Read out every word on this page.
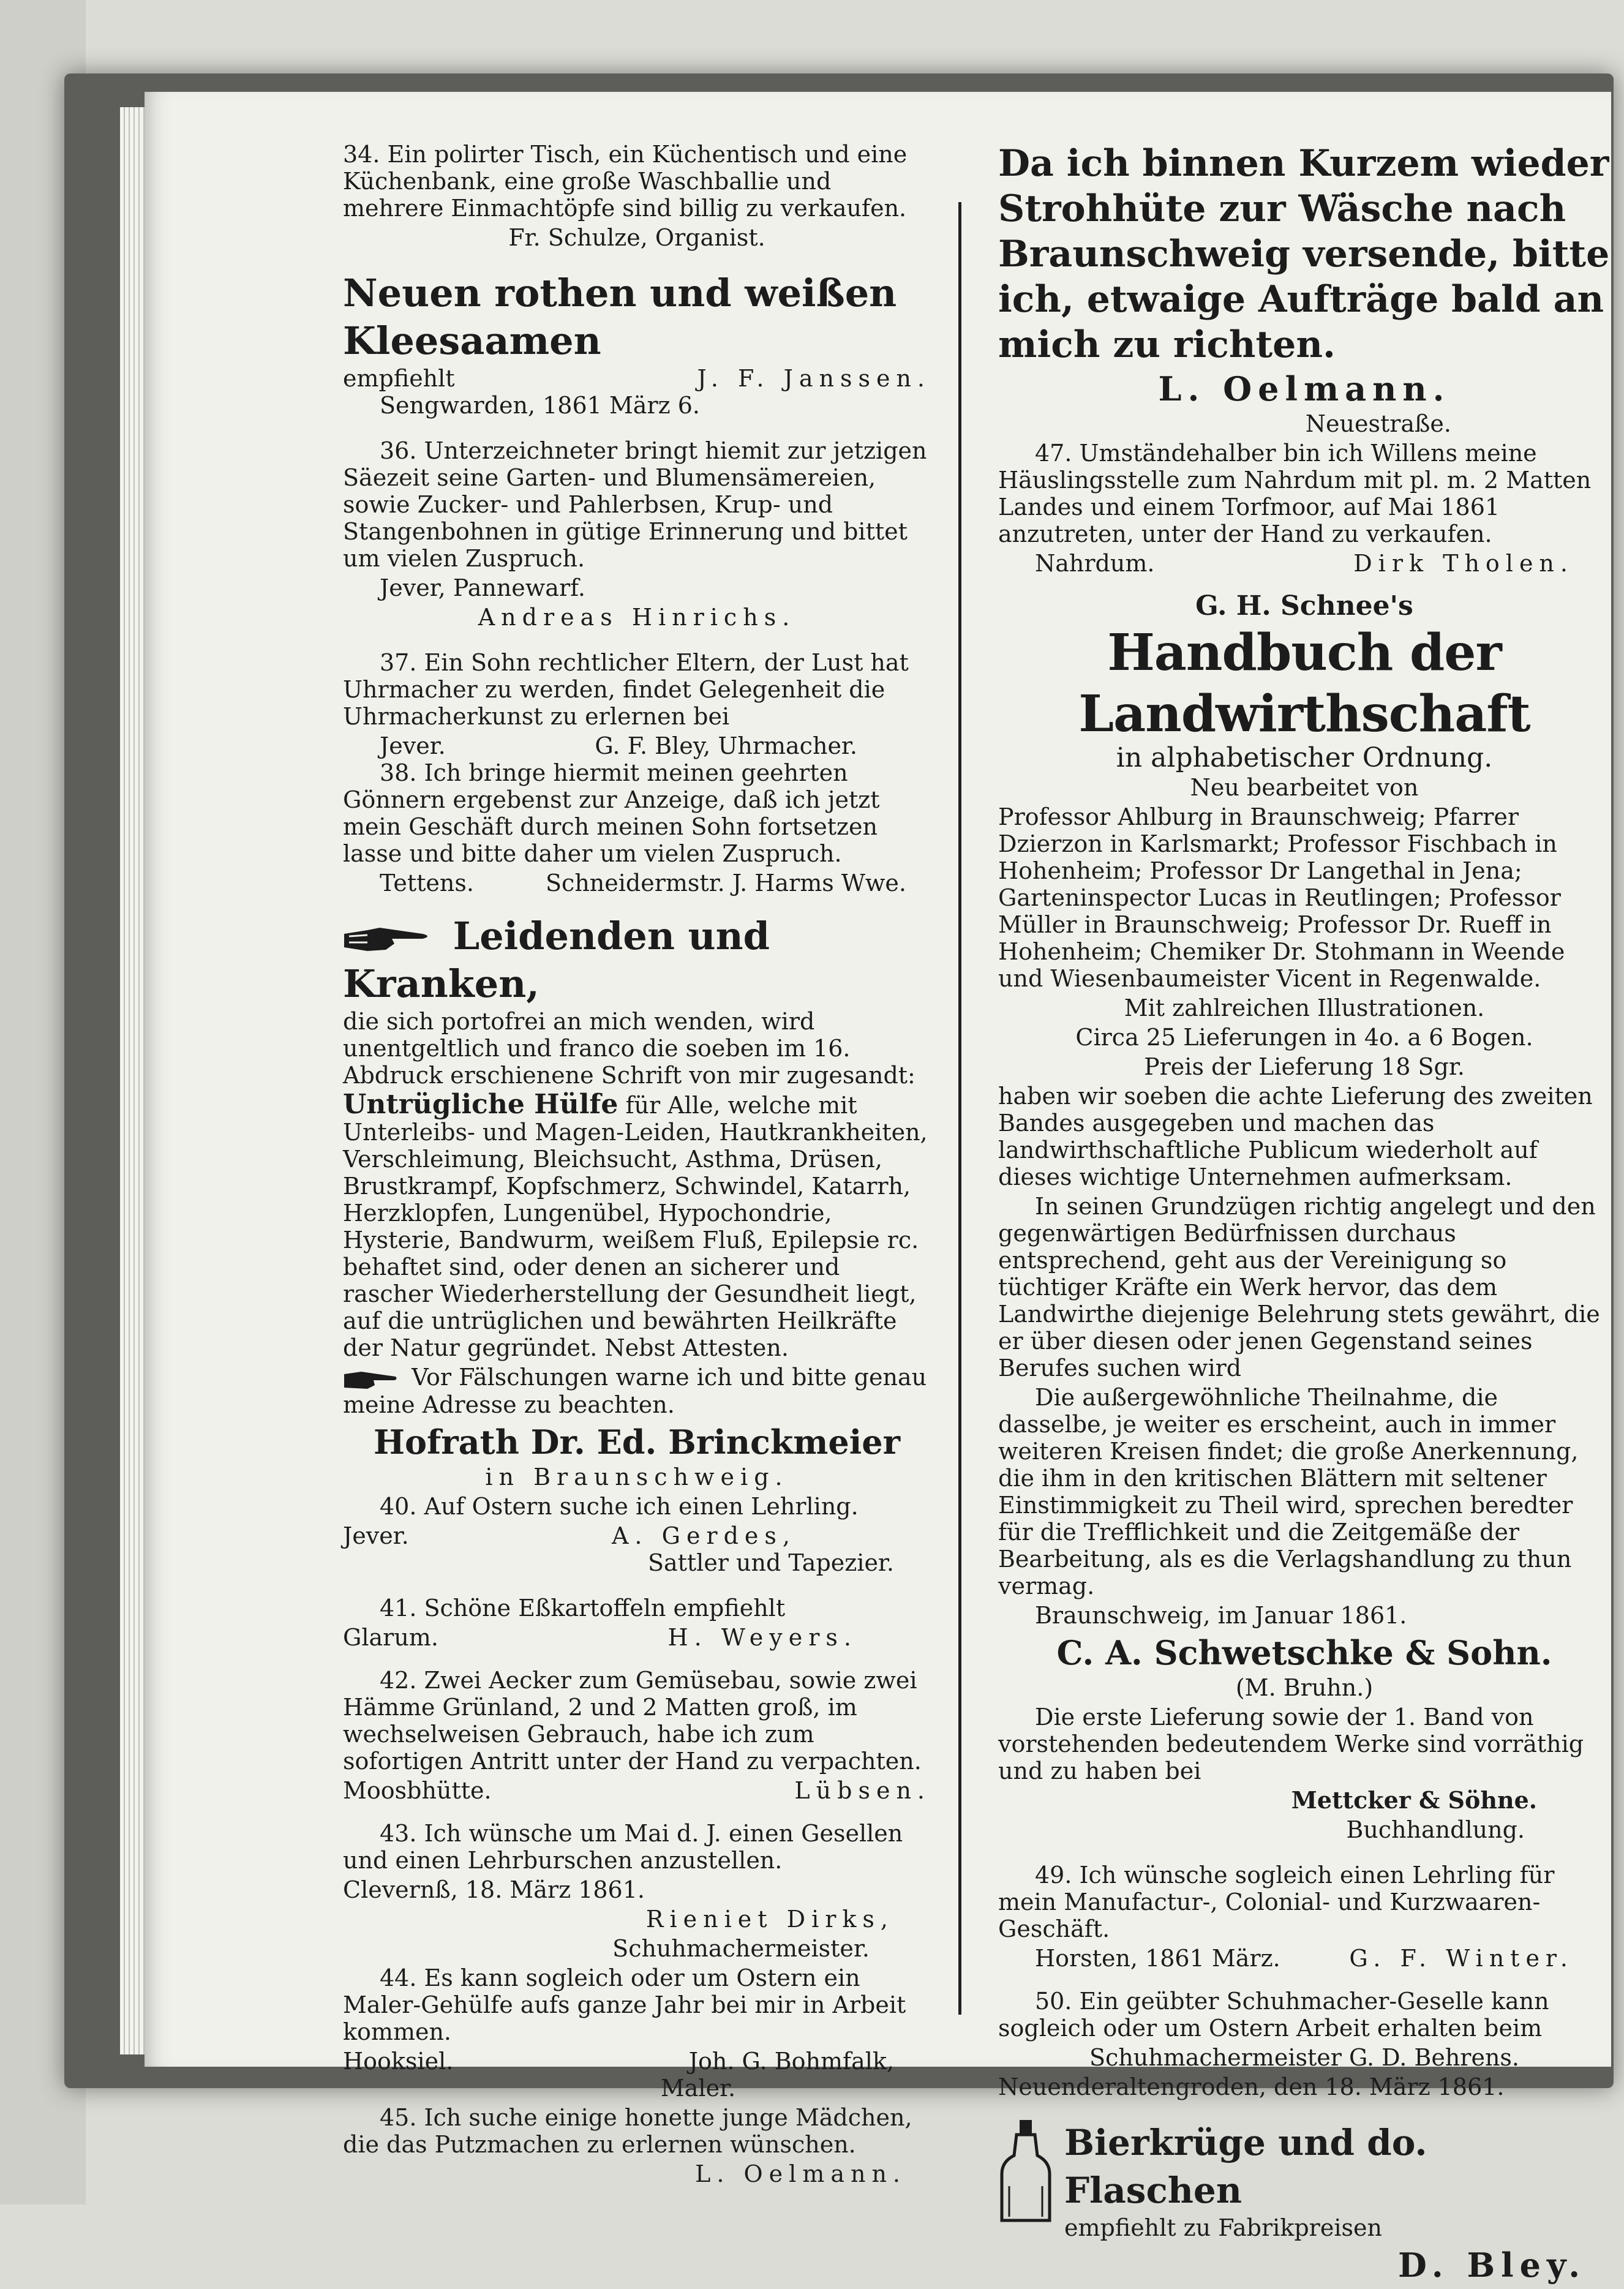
34. Ein polirter Tisch, ein Küchentisch und eine Küchenbank, eine große Waschballie und mehrere Einmachtöpfe sind billig zu verkaufen.

Fr. Schulze, Organist.

Neuen rothen und weißen Kleesaamen
empfiehlt	J. F. Janssen.

Sengwarden, 1861 März 6.

36. Unterzeichneter bringt hiemit zur jetzigen Säezeit seine Garten- und Blumensämereien, sowie Zucker- und Pahlerbsen, Krup- und Stangenbohnen in gütige Erinnerung und bittet um vielen Zuspruch.

Jever, Pannewarf.

Andreas Hinrichs.

37. Ein Sohn rechtlicher Eltern, der Lust hat Uhrmacher zu werden, findet Gelegenheit die Uhrmacherkunst zu erlernen bei

Jever.	G. F. Bley, Uhrmacher.

38. Ich bringe hiermit meinen geehrten Gönnern ergebenst zur Anzeige, daß ich jetzt mein Geschäft durch meinen Sohn fortsetzen lasse und bitte daher um vielen Zuspruch.

Tettens.	Schneidermstr. J. Harms Wwe.
Leidenden und Kranken,

die sich portofrei an mich wenden, wird unentgeltlich und franco die soeben im 16. Abdruck erschienene Schrift von mir zugesandt:

Untrügliche Hülfe für Alle, welche mit Unterleibs- und Magen-Leiden, Hautkrankheiten, Verschleimung, Bleichsucht, Asthma, Drüsen, Brustkrampf, Kopfschmerz, Schwindel, Katarrh, Herzklopfen, Lungenübel, Hypochondrie, Hysterie, Bandwurm, weißem Fluß, Epilepsie rc. behaftet sind, oder denen an sicherer und rascher Wiederherstellung der Gesundheit liegt, auf die untrüglichen und bewährten Heilkräfte der Natur gegründet. Nebst Attesten.

Vor Fälschungen warne ich und bitte genau meine Adresse zu beachten.

Hofrath Dr. Ed. Brinckmeier

in Braunschweig.

40. Auf Ostern suche ich einen Lehrling.

Jever.	A. Gerdes,

Sattler und Tapezier.

41. Schöne Eßkartoffeln empfiehlt

Glarum.	H. Weyers.

42. Zwei Aecker zum Gemüsebau, sowie zwei Hämme Grünland, 2 und 2 Matten groß, im wechselweisen Gebrauch, habe ich zum sofortigen Antritt unter der Hand zu verpachten.

Moosbhütte.	Lübsen.

43. Ich wünsche um Mai d. J. einen Gesellen und einen Lehrburschen anzustellen.

Clevernß, 18. März 1861.

Rieniet Dirks,

Schuhmachermeister.

44. Es kann sogleich oder um Ostern ein Maler-Gehülfe aufs ganze Jahr bei mir in Arbeit kommen.

Hooksiel.	Joh. G. Bohmfalk,

Maler.

45. Ich suche einige honette junge Mädchen, die das Putzmachen zu erlernen wünschen.

L. Oelmann.

Da ich binnen Kurzem wieder Strohhüte zur Wäsche nach Braunschweig versende, bitte ich, etwaige Aufträge bald an mich zu richten.

L. Oelmann.

Neuestraße.

47. Umständehalber bin ich Willens meine Häuslingsstelle zum Nahrdum mit pl. m. 2 Matten Landes und einem Torfmoor, auf Mai 1861 anzutreten, unter der Hand zu verkaufen.

Nahrdum.	Dirk Tholen.

G. H. Schnee's

Handbuch der Landwirthschaft

in alphabetischer Ordnung.

Neu bearbeitet von

Professor Ahlburg in Braunschweig; Pfarrer Dzierzon in Karlsmarkt; Professor Fischbach in Hohenheim; Professor Dr Langethal in Jena; Garteninspector Lucas in Reutlingen; Professor Müller in Braunschweig; Professor Dr. Rueff in Hohenheim; Chemiker Dr. Stohmann in Weende und Wiesenbaumeister Vicent in Regenwalde.

Mit zahlreichen Illustrationen.

Circa 25 Lieferungen in 4o. a 6 Bogen.

Preis der Lieferung 18 Sgr.

haben wir soeben die achte Lieferung des zweiten Bandes ausgegeben und machen das landwirthschaftliche Publicum wiederholt auf dieses wichtige Unternehmen aufmerksam.

In seinen Grundzügen richtig angelegt und den gegenwärtigen Bedürfnissen durchaus entsprechend, geht aus der Vereinigung so tüchtiger Kräfte ein Werk hervor, das dem Landwirthe diejenige Belehrung stets gewährt, die er über diesen oder jenen Gegenstand seines Berufes suchen wird

Die außergewöhnliche Theilnahme, die dasselbe, je weiter es erscheint, auch in immer weiteren Kreisen findet; die große Anerkennung, die ihm in den kritischen Blättern mit seltener Einstimmigkeit zu Theil wird, sprechen beredter für die Trefflichkeit und die Zeitgemäße der Bearbeitung, als es die Verlagshandlung zu thun vermag.

Braunschweig, im Januar 1861.

C. A. Schwetschke & Sohn.

(M. Bruhn.)

Die erste Lieferung sowie der 1. Band von vorstehenden bedeutendem Werke sind vorräthig und zu haben bei

Mettcker & Söhne.

Buchhandlung.

49. Ich wünsche sogleich einen Lehrling für mein Manufactur-, Colonial- und Kurzwaaren-Geschäft.

Horsten, 1861 März.	G. F. Winter.

50. Ein geübter Schuhmacher-Geselle kann sogleich oder um Ostern Arbeit erhalten beim

Schuhmachermeister G. D. Behrens.

Neuenderaltengroden, den 18. März 1861.

Bierkrüge und do. Flaschen

empfiehlt zu Fabrikpreisen

D. Bley.
